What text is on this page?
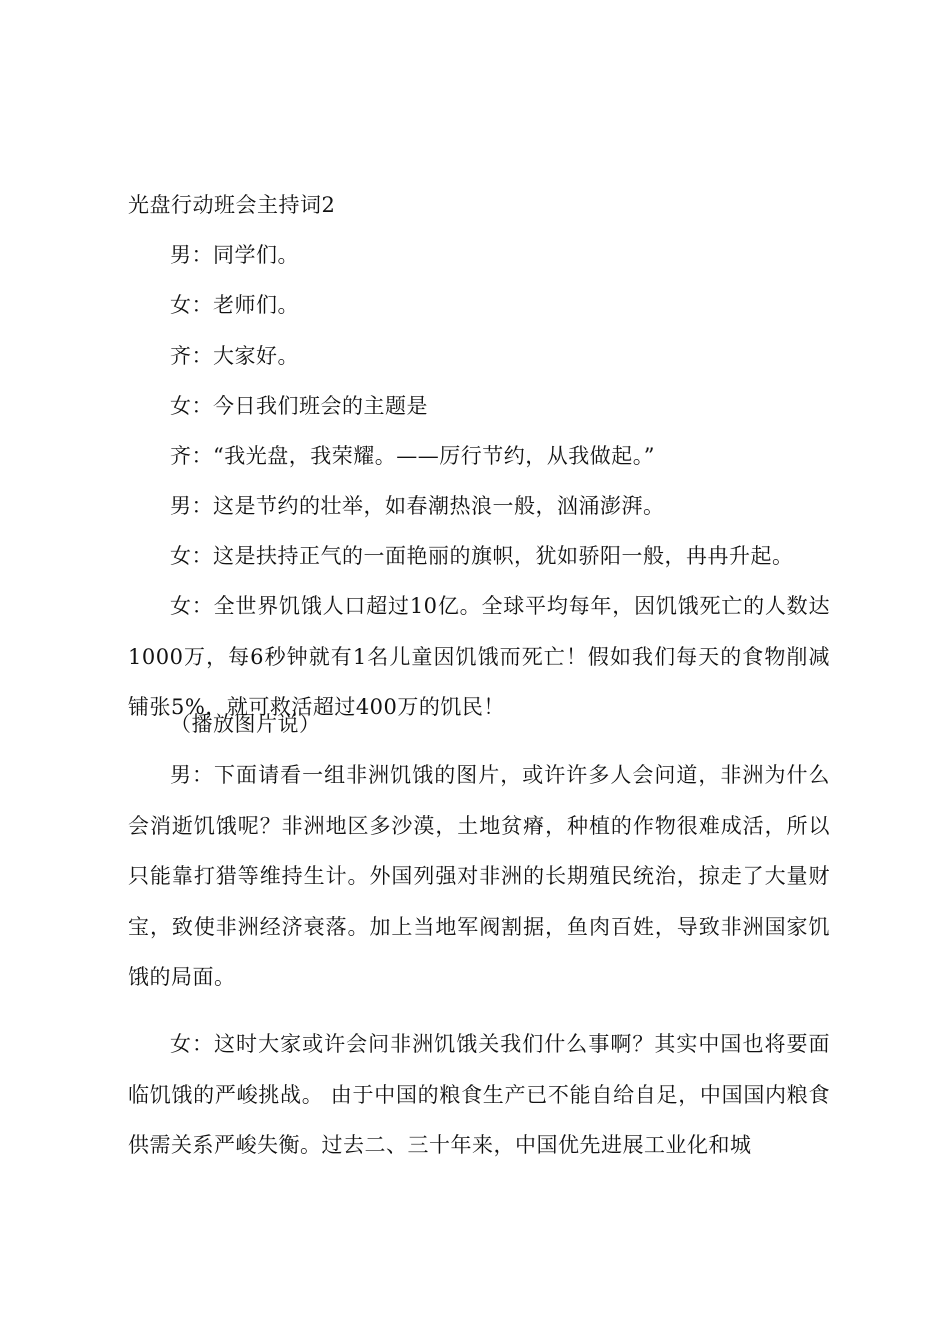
光盘行动班会主持词2
男：同学们。
女：老师们。
齐：大家好。
女：今日我们班会的主题是
齐：“我光盘，我荣耀。——厉行节约，从我做起。”
男：这是节约的壮举，如春潮热浪一般，汹涌澎湃。
女：这是扶持正气的一面艳丽的旗帜，犹如骄阳一般，冉冉升起。

女：全世界饥饿人口超过10亿。全球平均每年，因饥饿死亡的人数达1000万，每6秒钟就有1名儿童因饥饿而死亡！假如我们每天的食物削减铺张5%，就可救活超过400万的饥民！

（播放图片说）

男：下面请看一组非洲饥饿的图片，或许许多人会问道，非洲为什么会消逝饥饿呢？非洲地区多沙漠，土地贫瘠，种植的作物很难成活，所以只能靠打猎等维持生计。外国列强对非洲的长期殖民统治，掠走了大量财宝，致使非洲经济衰落。加上当地军阀割据，鱼肉百姓，导致非洲国家饥饿的局面。

女：这时大家或许会问非洲饥饿关我们什么事啊？其实中国也将要面临饥饿的严峻挑战。 由于中国的粮食生产已不能自给自足，中国国内粮食供需关系严峻失衡。过去二、三十年来，中国优先进展工业化和城
